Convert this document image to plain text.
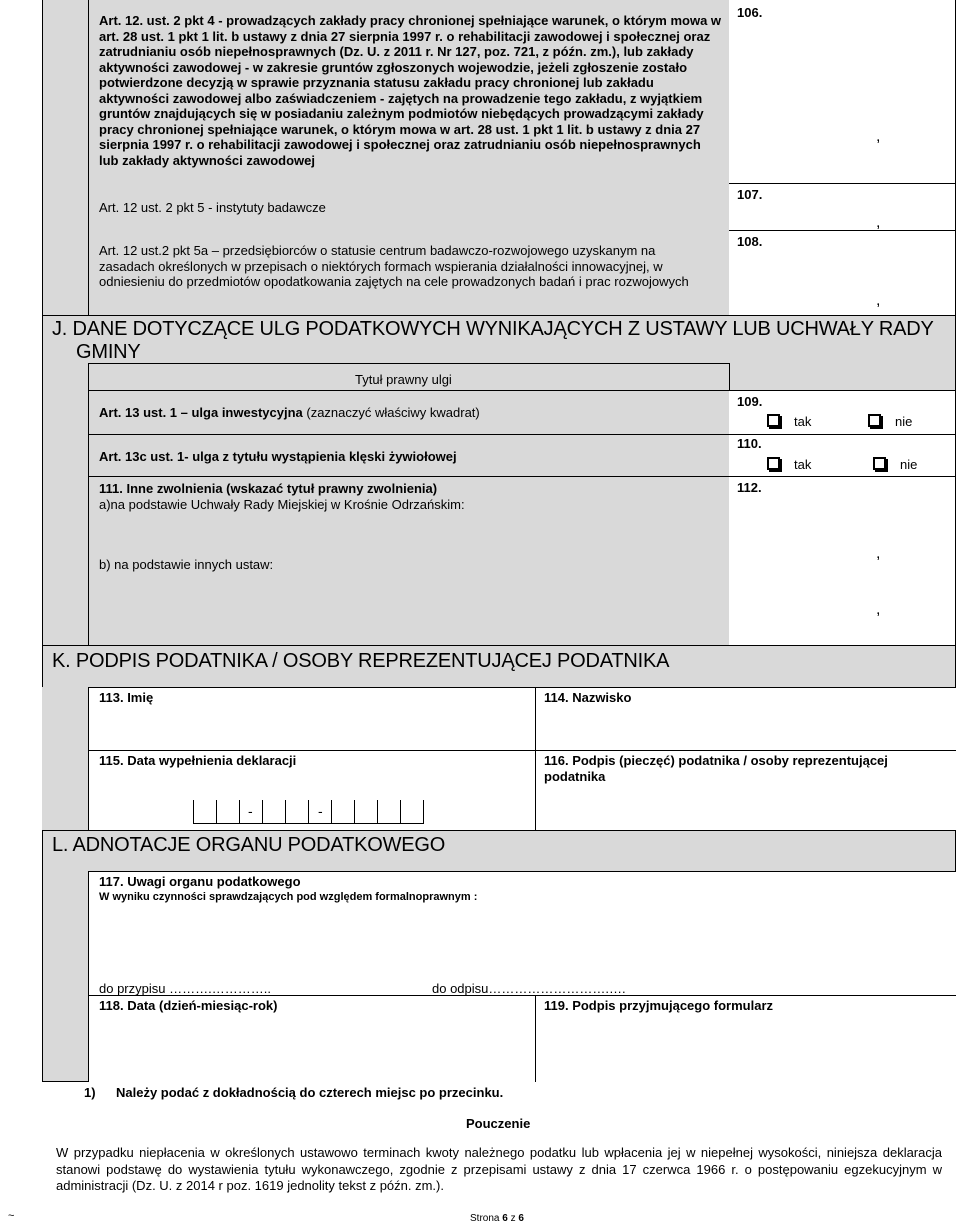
Art. 12. ust. 2 pkt 4 - prowadzących zakłady pracy chronionej spełniające warunek, o którym mowa w art. 28 ust. 1 pkt 1 lit. b ustawy z dnia 27 sierpnia 1997 r. o rehabilitacji zawodowej i społecznej oraz zatrudnianiu osób niepełnosprawnych (Dz. U. z 2011 r. Nr 127, poz. 721, z późn. zm.), lub zakłady aktywności zawodowej - w zakresie gruntów zgłoszonych wojewodzie, jeżeli zgłoszenie zostało potwierdzone decyzją w sprawie przyznania statusu zakładu pracy chronionej lub zakładu aktywności zawodowej albo zaświadczeniem - zajętych na prowadzenie tego zakładu, z wyjątkiem gruntów znajdujących się w posiadaniu zależnym podmiotów niebędących prowadzącymi zakłady pracy chronionej spełniające warunek, o którym mowa w art. 28 ust. 1 pkt 1 lit. b ustawy z dnia 27 sierpnia 1997 r. o rehabilitacji zawodowej i społecznej oraz zatrudnianiu osób niepełnosprawnych lub zakłady aktywności zawodowej
106.
,
Art. 12 ust. 2 pkt 5 - instytuty badawcze
107.
,
Art. 12 ust.2 pkt 5a – przedsiębiorców o statusie centrum badawczo-rozwojowego uzyskanym na zasadach określonych w przepisach o niektórych formach wspierania działalności innowacyjnej, w odniesieniu do przedmiotów opodatkowania zajętych na cele prowadzonych badań i prac rozwojowych
108.
,
J. DANE DOTYCZĄCE ULG PODATKOWYCH WYNIKAJĄCYCH Z USTAWY LUB UCHWAŁY RADY GMINY
Tytuł prawny ulgi
Art. 13 ust. 1 – ulga inwestycyjna (zaznaczyć właściwy kwadrat)
109.
tak	nie
Art. 13c ust. 1- ulga z tytułu wystąpienia klęski żywiołowej
110.
tak	nie
111. Inne zwolnienia (wskazać tytuł prawny zwolnienia)
a)na podstawie Uchwały Rady Miejskiej w Krośnie Odrzańskim:
b) na podstawie innych ustaw:
112.
,
,
K. PODPIS PODATNIKA / OSOBY REPREZENTUJĄCEJ PODATNIKA
113. Imię	114. Nazwisko
115. Data wypełnienia deklaracji	116. Podpis (pieczęć) podatnika / osoby reprezentującej podatnika
-	-
L. ADNOTACJE ORGANU PODATKOWEGO
117. Uwagi organu podatkowego
W wyniku czynności sprawdzających pod względem formalnoprawnym :
do przypisu ……….…………..	do odpisu……………………….….
118. Data (dzień-miesiąc-rok)	119. Podpis przyjmującego formularz
1) Należy podać z dokładnością do czterech miejsc po przecinku.
Pouczenie
W przypadku niepłacenia w określonych ustawowo terminach kwoty należnego podatku lub wpłacenia jej w niepełnej wysokości, niniejsza deklaracja stanowi podstawę do wystawienia tytułu wykonawczego, zgodnie z przepisami ustawy z dnia 17 czerwca 1966 r. o postępowaniu egzekucyjnym w administracji (Dz. U. z 2014 r poz. 1619 jednolity tekst z późn. zm.).
Strona 6 z 6
~
